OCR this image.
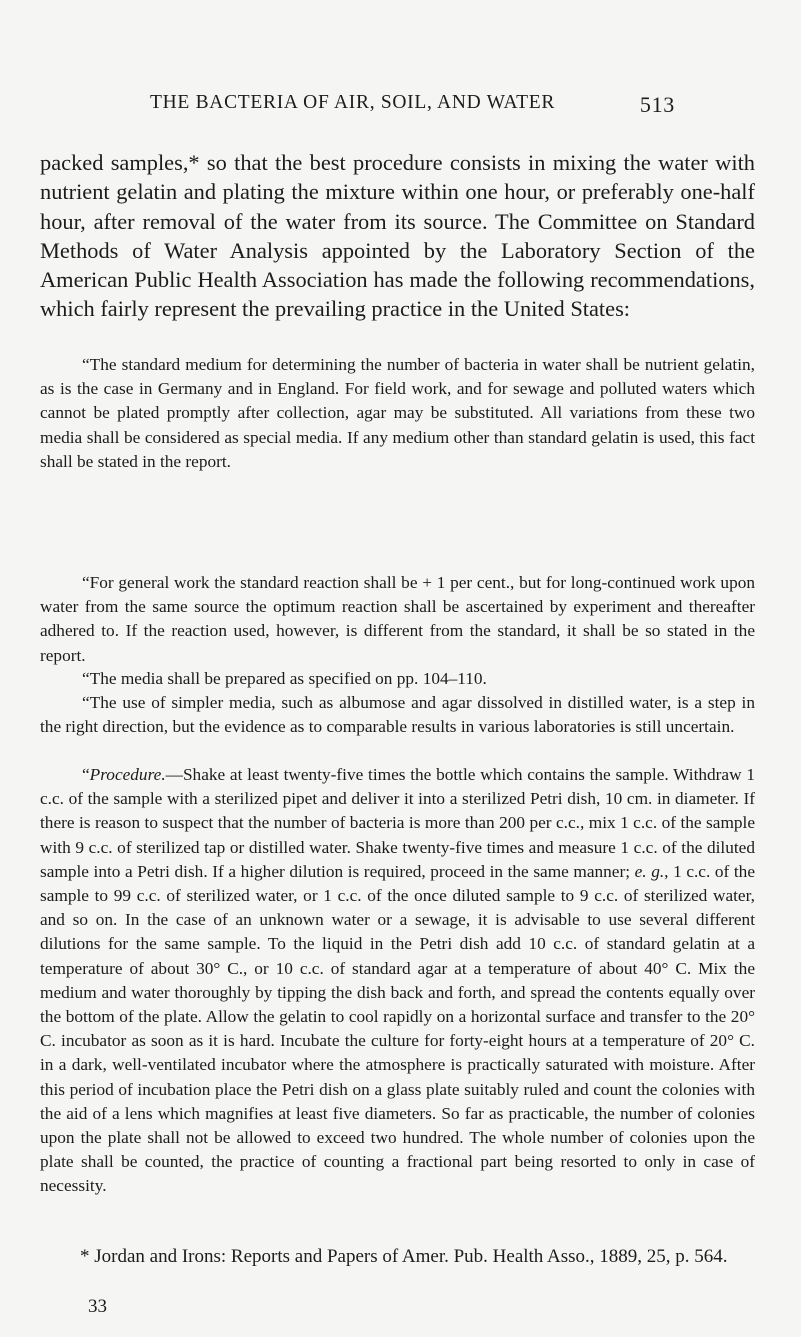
THE BACTERIA OF AIR, SOIL, AND WATER	513

packed samples,* so that the best procedure consists in mixing the water with nutrient gelatin and plating the mixture within one hour, or preferably one-half hour, after removal of the water from its source. The Committee on Standard Methods of Water Analysis appointed by the Laboratory Section of the American Public Health Association has made the following recommendations, which fairly represent the prevailing practice in the United States:

“The standard medium for determining the number of bacteria in water shall be nutrient gelatin, as is the case in Germany and in England. For field work, and for sewage and polluted waters which cannot be plated promptly after collection, agar may be substituted. All variations from these two media shall be considered as special media. If any medium other than standard gelatin is used, this fact shall be stated in the report.

“For general work the standard reaction shall be + 1 per cent., but for long-continued work upon water from the same source the optimum reaction shall be ascertained by experiment and thereafter adhered to. If the reaction used, however, is different from the standard, it shall be so stated in the report.

“The media shall be prepared as specified on pp. 104–110.

“The use of simpler media, such as albumose and agar dissolved in distilled water, is a step in the right direction, but the evidence as to comparable results in various laboratories is still uncertain.

“Procedure.—Shake at least twenty-five times the bottle which contains the sample. Withdraw 1 c.c. of the sample with a sterilized pipet and deliver it into a sterilized Petri dish, 10 cm. in diameter. If there is reason to suspect that the number of bacteria is more than 200 per c.c., mix 1 c.c. of the sample with 9 c.c. of sterilized tap or distilled water. Shake twenty-five times and measure 1 c.c. of the diluted sample into a Petri dish. If a higher dilution is required, proceed in the same manner; e. g., 1 c.c. of the sample to 99 c.c. of sterilized water, or 1 c.c. of the once diluted sample to 9 c.c. of sterilized water, and so on. In the case of an unknown water or a sewage, it is advisable to use several different dilutions for the same sample. To the liquid in the Petri dish add 10 c.c. of standard gelatin at a temperature of about 30° C., or 10 c.c. of standard agar at a temperature of about 40° C. Mix the medium and water thoroughly by tipping the dish back and forth, and spread the contents equally over the bottom of the plate. Allow the gelatin to cool rapidly on a horizontal surface and transfer to the 20° C. incubator as soon as it is hard. Incubate the culture for forty-eight hours at a temperature of 20° C. in a dark, well-ventilated incubator where the atmosphere is practically saturated with moisture. After this period of incubation place the Petri dish on a glass plate suitably ruled and count the colonies with the aid of a lens which magnifies at least five diameters. So far as practicable, the number of colonies upon the plate shall not be allowed to exceed two hundred. The whole number of colonies upon the plate shall be counted, the practice of counting a fractional part being resorted to only in case of necessity.

* Jordan and Irons: Reports and Papers of Amer. Pub. Health Asso., 1889, 25, p. 564.

33
